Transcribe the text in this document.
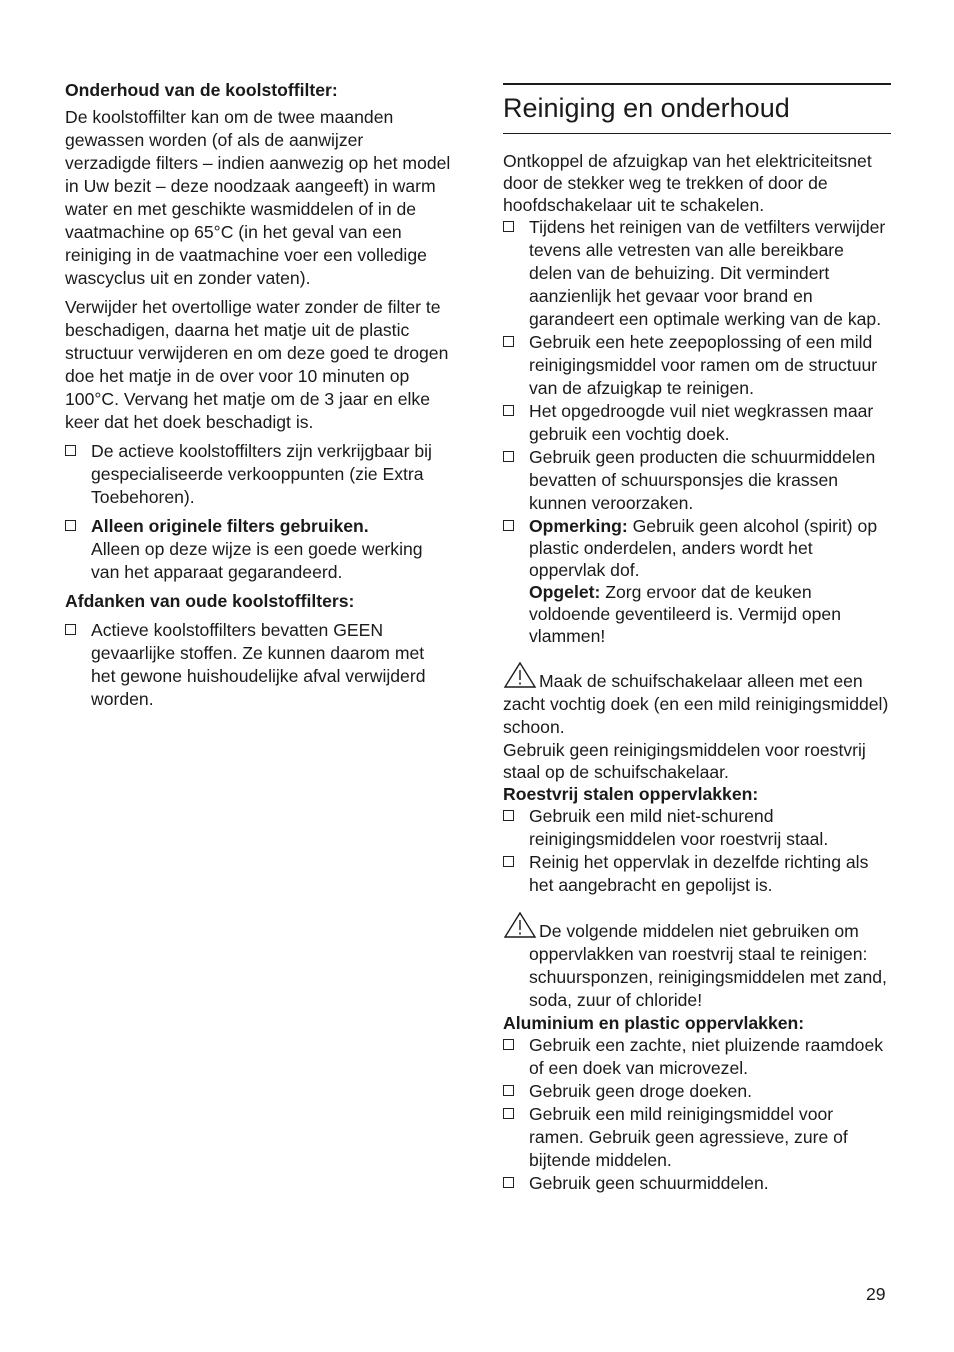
Onderhoud van de koolstoffilter:

De koolstoffilter kan om de twee maanden gewassen worden (of als de aanwijzer verzadigde filters – indien aanwezig op het model in Uw bezit – deze noodzaak aangeeft) in warm water en met geschikte wasmiddelen of in de vaatmachine op 65°C (in het geval van een reiniging in de vaatmachine voer een volledige wascyclus uit en zonder vaten).

Verwijder het overtollige water zonder de filter te beschadigen, daarna het matje uit de plastic structuur verwijderen en om deze goed te drogen doe het matje in de over voor 10 minuten op 100°C. Vervang het matje om de 3 jaar en elke keer dat het doek beschadigt is.

De actieve koolstoffilters zijn verkrijgbaar bij gespecialiseerde verkooppunten (zie Extra Toebehoren).
Alleen originele filters gebruiken.
Alleen op deze wijze is een goede werking van het apparaat gegarandeerd.

Afdanken van oude koolstoffilters:

Actieve koolstoffilters bevatten GEEN gevaarlijke stoffen. Ze kunnen daarom met het gewone huishoudelijke afval verwijderd worden.
Reiniging en onderhoud

Ontkoppel de afzuigkap van het elektriciteitsnet door de stekker weg te trekken of door de hoofdschakelaar uit te schakelen.

Tijdens het reinigen van de vetfilters verwijder tevens alle vetresten van alle bereikbare delen van de behuizing. Dit vermindert aanzienlijk het gevaar voor brand en garandeert een optimale werking van de kap.
Gebruik een hete zeepoplossing of een mild reinigingsmiddel voor ramen om de structuur van de afzuigkap te reinigen.
Het opgedroogde vuil niet wegkrassen maar gebruik een vochtig doek.
Gebruik geen producten die schuurmiddelen bevatten of schuursponsjes die krassen kunnen veroorzaken.
Opmerking: Gebruik geen alcohol (spirit) op plastic onderdelen, anders wordt het oppervlak dof.
Opgelet: Zorg ervoor dat de keuken voldoende geventileerd is. Vermijd open vlammen!
Maak de schuifschakelaar alleen met een zacht vochtig doek (en een mild reinigingsmiddel) schoon.

Gebruik geen reinigingsmiddelen voor roestvrij staal op de schuifschakelaar.

Roestvrij stalen oppervlakken:

Gebruik een mild niet-schurend reinigingsmiddelen voor roestvrij staal.
Reinig het oppervlak in dezelfde richting als het aangebracht en gepolijst is.
De volgende middelen niet gebruiken om oppervlakken van roestvrij staal te reinigen: schuursponzen, reinigingsmiddelen met zand, soda, zuur of chloride!

Aluminium en plastic oppervlakken:

Gebruik een zachte, niet pluizende raamdoek of een doek van microvezel.
Gebruik geen droge doeken.
Gebruik een mild reinigingsmiddel voor ramen. Gebruik geen agressieve, zure of bijtende middelen.
Gebruik geen schuurmiddelen.
29
